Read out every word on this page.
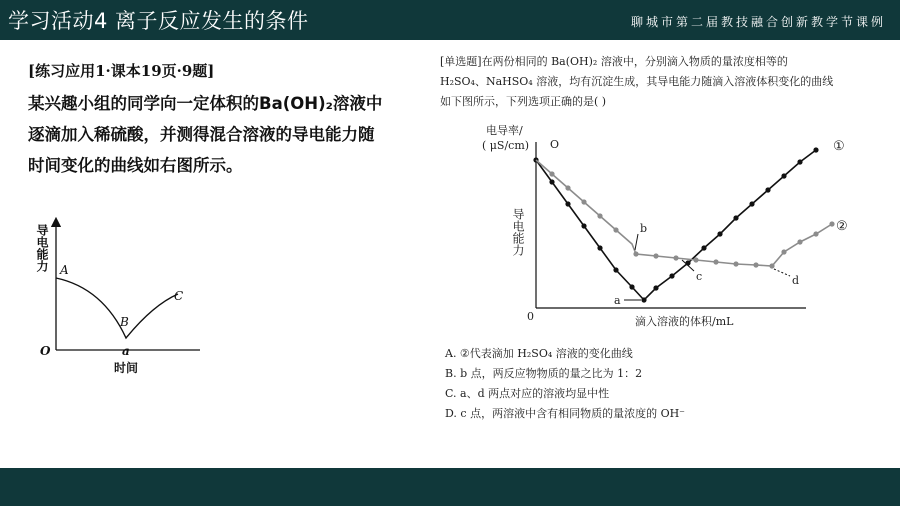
学习活动4 离子反应发生的条件	聊城市第二届教技融合创新教学节课例
[练习应用1·课本19页·9题]

某兴趣小组的同学向一定体积的Ba(OH)₂溶液中

逐滴加入稀硫酸，并测得混合溶液的导电能力随

时间变化的曲线如右图所示。

导电能力
O
A
B
C
a
时间

[单选题]在两份相同的 Ba(OH)₂ 溶液中，分别滴入物质的量浓度相等的

H₂SO₄、NaHSO₄ 溶液，均有沉淀生成，其导电能力随滴入溶液体积变化的曲线

如下图所示，下列选项正确的是( )

电导率/
( μS/cm)
导电能力
0	滴入溶液的体积/mL
O
a
b
c	d
①
②

A. ②代表滴加 H₂SO₄ 溶液的变化曲线

B. b 点，两反应物物质的量之比为 1：2

C. a、d 两点对应的溶液均显中性

D. c 点，两溶液中含有相同物质的量浓度的 OH⁻
